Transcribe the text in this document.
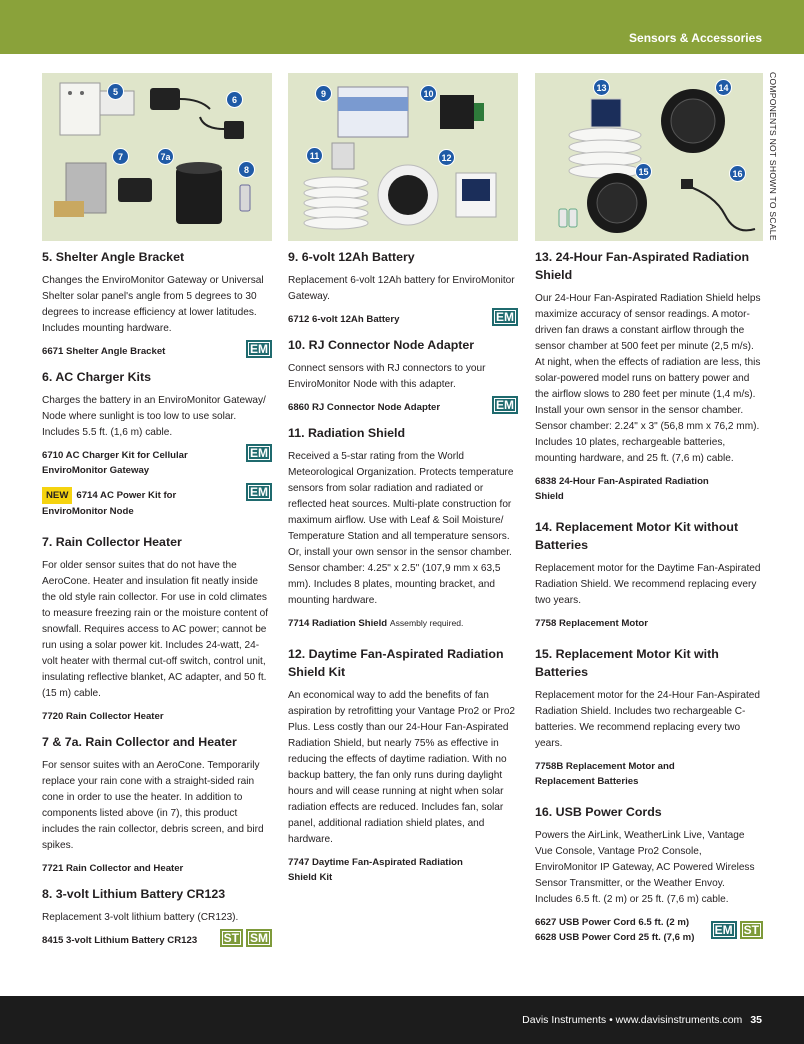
Sensors & Accessories
COMPONENTS NOT SHOWN TO SCALE
5
6
7	7a
8
9	10
11	12
13	14
15	16
5. Shelter Angle Bracket

Changes the EnviroMonitor Gateway or Universal Shelter solar panel's angle from 5 degrees to 30 degrees to increase efficiency at lower latitudes. Includes mounting hardware.

6671 Shelter Angle Bracket	EM
6. AC Charger Kits

Charges the battery in an EnviroMonitor Gateway/ Node where sunlight is too low to use solar. Includes 5.5 ft. (1,6 m) cable.

6710 AC Charger Kit for Cellular EnviroMonitor Gateway
EM
NEW 6714 AC Power Kit for EnviroMonitor Node
EM
7. Rain Collector Heater

For older sensor suites that do not have the AeroCone. Heater and insulation fit neatly inside the old style rain collector. For use in cold climates to measure freezing rain or the moisture content of snowfall. Requires access to AC power; cannot be run using a solar power kit. Includes 24-watt, 24-volt heater with thermal cut-off switch, control unit, insulating reflective blanket, AC adapter, and 50 ft. (15 m) cable.

7720 Rain Collector Heater
7 & 7a. Rain Collector and Heater

For sensor suites with an AeroCone. Temporarily replace your rain cone with a straight-sided rain cone in order to use the heater. In addition to components listed above (in 7), this product includes the rain collector, debris screen, and bird spikes.

7721 Rain Collector and Heater
8. 3-volt Lithium Battery CR123

Replacement 3-volt lithium battery (CR123).

8415 3-volt Lithium Battery CR123	ST SM
9. 6-volt 12Ah Battery

Replacement 6-volt 12Ah battery for EnviroMonitor Gateway.

6712 6-volt 12Ah Battery	EM
10. RJ Connector Node Adapter

Connect sensors with RJ connectors to your EnviroMonitor Node with this adapter.

6860 RJ Connector Node Adapter	EM
11. Radiation Shield

Received a 5-star rating from the World Meteorological Organization. Protects temperature sensors from solar radiation and radiated or reflected heat sources. Multi-plate construction for maximum airflow. Use with Leaf & Soil Moisture/ Temperature Station and all temperature sensors. Or, install your own sensor in the sensor chamber. Sensor chamber: 4.25" x 2.5" (107,9 mm x 63,5 mm). Includes 8 plates, mounting bracket, and mounting hardware.

7714 Radiation Shield Assembly required.
12. Daytime Fan-Aspirated Radiation Shield Kit

An economical way to add the benefits of fan aspiration by retrofitting your Vantage Pro2 or Pro2 Plus. Less costly than our 24-Hour Fan-Aspirated Radiation Shield, but nearly 75% as effective in reducing the effects of daytime radiation. With no backup battery, the fan only runs during daylight hours and will cease running at night when solar radiation effects are reduced. Includes fan, solar panel, additional radiation shield plates, and hardware.

7747 Daytime Fan-Aspirated Radiation Shield Kit
13. 24-Hour Fan-Aspirated Radiation Shield

Our 24-Hour Fan-Aspirated Radiation Shield helps maximize accuracy of sensor readings. A motor-driven fan draws a constant airflow through the sensor chamber at 500 feet per minute (2,5 m/s). At night, when the effects of radiation are less, this solar-powered model runs on battery power and the airflow slows to 280 feet per minute (1,4 m/s). Install your own sensor in the sensor chamber. Sensor chamber: 2.24" x 3" (56,8 mm x 76,2 mm). Includes 10 plates, rechargeable batteries, mounting hardware, and 25 ft. (7,6 m) cable.

6838 24-Hour Fan-Aspirated Radiation Shield
14. Replacement Motor Kit without Batteries

Replacement motor for the Daytime Fan-Aspirated Radiation Shield. We recommend replacing every two years.

7758 Replacement Motor
15. Replacement Motor Kit with Batteries

Replacement motor for the 24-Hour Fan-Aspirated Radiation Shield. Includes two rechargeable C-batteries. We recommend replacing every two years.

7758B Replacement Motor and Replacement Batteries
16. USB Power Cords

Powers the AirLink, WeatherLink Live, Vantage Vue Console, Vantage Pro2 Console, EnviroMonitor IP Gateway, AC Powered Wireless Sensor Transmitter, or the Weather Envoy. Includes 6.5 ft. (2 m) or 25 ft. (7,6 m) cable.

6627 USB Power Cord 6.5 ft. (2 m)
6628 USB Power Cord 25 ft. (7,6 m)
EM ST
Davis Instruments • www.davisinstruments.com 35
